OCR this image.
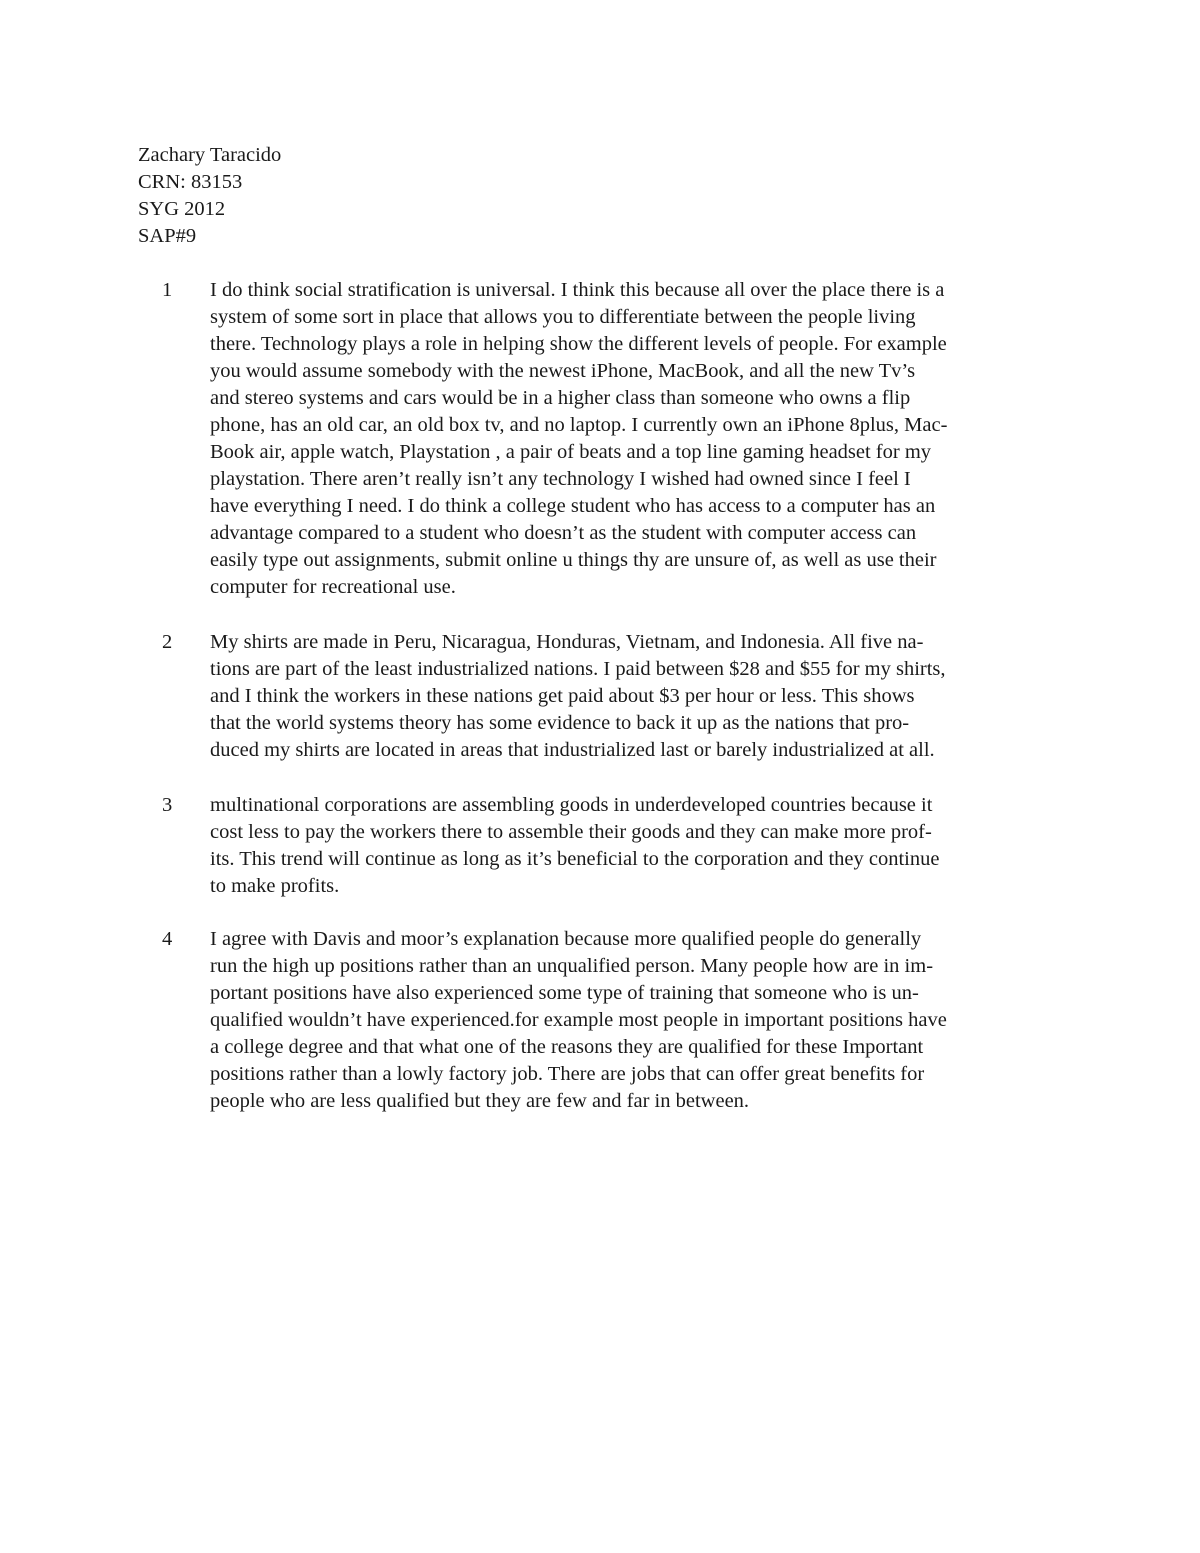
Zachary Taracido
CRN: 83153
SYG 2012
SAP#9
1 I do think social stratification is universal. I think this because all over the place there is a
system of some sort in place that allows you to differentiate between the people living
there. Technology plays a role in helping show the different levels of people. For example
you would assume somebody with the newest iPhone, MacBook, and all the new Tv’s
and stereo systems and cars would be in a higher class than someone who owns a flip
phone, has an old car, an old box tv, and no laptop. I currently own an iPhone 8plus, Mac-
Book air, apple watch, Playstation , a pair of beats and a top line gaming headset for my
playstation. There aren’t really isn’t any technology I wished had owned since I feel I
have everything I need. I do think a college student who has access to a computer has an
advantage compared to a student who doesn’t as the student with computer access can
easily type out assignments, submit online u things thy are unsure of, as well as use their
computer for recreational use.
2 My shirts are made in Peru, Nicaragua, Honduras, Vietnam, and Indonesia. All five na-
tions are part of the least industrialized nations. I paid between $28 and $55 for my shirts,
and I think the workers in these nations get paid about $3 per hour or less. This shows
that the world systems theory has some evidence to back it up as the nations that pro-
duced my shirts are located in areas that industrialized last or barely industrialized at all.
3 multinational corporations are assembling goods in underdeveloped countries because it
cost less to pay the workers there to assemble their goods and they can make more prof-
its. This trend will continue as long as it’s beneficial to the corporation and they continue
to make profits.
4 I agree with Davis and moor’s explanation because more qualified people do generally
run the high up positions rather than an unqualified person. Many people how are in im-
portant positions have also experienced some type of training that someone who is un-
qualified wouldn’t have experienced.for example most people in important positions have
a college degree and that what one of the reasons they are qualified for these Important
positions rather than a lowly factory job. There are jobs that can offer great benefits for
people who are less qualified but they are few and far in between.
